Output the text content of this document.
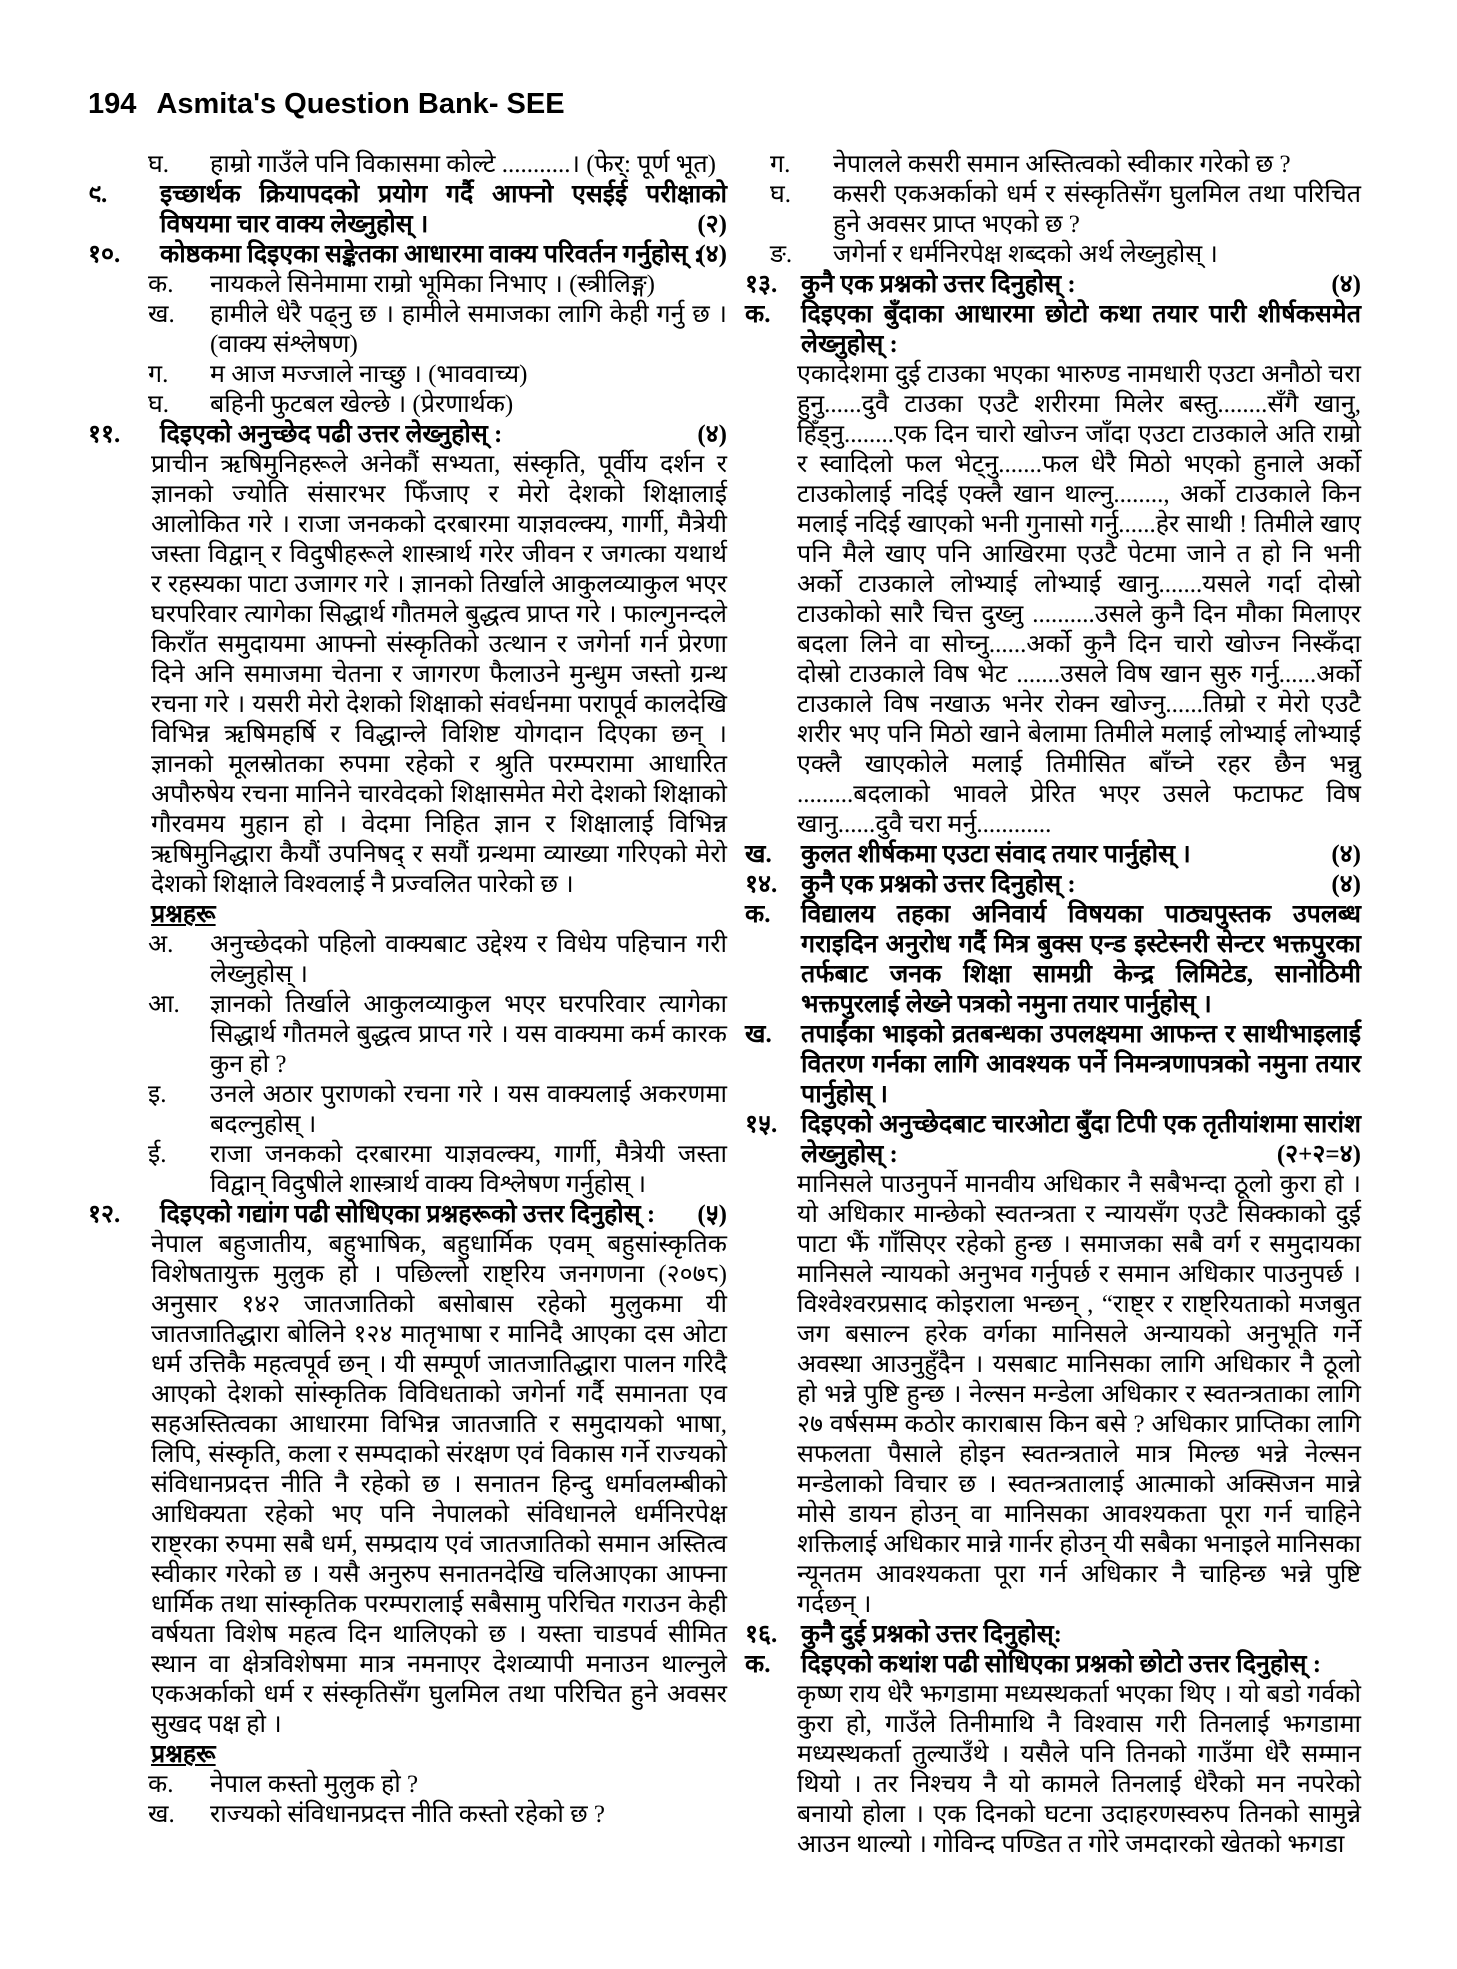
194 Asmita's Question Bank- SEE
घ. हाम्रो गाउँले पनि विकासमा कोल्टे ...........। (फेर्: पूर्ण भूत)
९. इच्छार्थक क्रियापदको प्रयोग गर्दै आफ्नो एसईई परीक्षाको विषयमा चार वाक्य लेख्नुहोस् ।	(२)
१०. कोष्ठकमा दिइएका सङ्केतका आधारमा वाक्य परिवर्तन गर्नुहोस् :
(४)
क. नायकले सिनेमामा राम्रो भूमिका निभाए । (स्त्रीलिङ्ग)
ख. हामीले धेरै पढ्नु छ । हामीले समाजका लागि केही गर्नु छ । (वाक्य संश्लेषण)
ग. म आज मज्जाले नाच्छु । (भाववाच्य)
घ. बहिनी फुटबल खेल्छे । (प्रेरणार्थक)
११. दिइएको अनुच्छेद पढी उत्तर लेख्नुहोस् :	(४)
प्राचीन ऋषिमुनिहरूले अनेकौं सभ्यता, संस्कृति, पूर्वीय दर्शन र ज्ञानको ज्योति संसारभर फिँजाए र मेरो देशको शिक्षालाई आलोकित गरे । राजा जनकको दरबारमा याज्ञवल्क्य, गार्गी, मैत्रेयी जस्ता विद्वान् र विदुषीहरूले शास्त्रार्थ गरेर जीवन र जगत्का यथार्थ र रहस्यका पाटा उजागर गरे । ज्ञानको तिर्खाले आकुलव्याकुल भएर घरपरिवार त्यागेका सिद्धार्थ गौतमले बुद्धत्व प्राप्त गरे । फाल्गुनन्दले किराँत समुदायमा आफ्नो संस्कृतिको उत्थान र जगेर्ना गर्न प्रेरणा दिने अनि समाजमा चेतना र जागरण फैलाउने मुन्धुम जस्तो ग्रन्थ रचना गरे । यसरी मेरो देशको शिक्षाको संवर्धनमा परापूर्व कालदेखि विभिन्न ऋषिमहर्षि र विद्धान्ले विशिष्ट योगदान दिएका छन् । ज्ञानको मूलस्रोतका रुपमा रहेको र श्रुति परम्परामा आधारित अपौरुषेय रचना मानिने चारवेदको शिक्षासमेत मेरो देशको शिक्षाको गौरवमय मुहान हो । वेदमा निहित ज्ञान र शिक्षालाई विभिन्न ऋषिमुनिद्धारा कैयौं उपनिषद् र सयौं ग्रन्थमा व्याख्या गरिएको मेरो देशको शिक्षाले विश्वलाई नै प्रज्वलित पारेको छ ।
प्रश्नहरू
अ. अनुच्छेदको पहिलो वाक्यबाट उद्देश्य र विधेय पहिचान गरी लेख्नुहोस् ।
आ. ज्ञानको तिर्खाले आकुलव्याकुल भएर घरपरिवार त्यागेका सिद्धार्थ गौतमले बुद्धत्व प्राप्त गरे । यस वाक्यमा कर्म कारक कुन हो ?
इ. उनले अठार पुराणको रचना गरे । यस वाक्यलाई अकरणमा बदल्नुहोस् ।
ई. राजा जनकको दरबारमा याज्ञवल्क्य, गार्गी, मैत्रेयी जस्ता विद्वान् विदुषीले शास्त्रार्थ वाक्य विश्लेषण गर्नुहोस् ।
१२. दिइएको गद्यांग पढी सोधिएका प्रश्नहरूको उत्तर दिनुहोस् : (५)
नेपाल बहुजातीय, बहुभाषिक, बहुधार्मिक एवम् बहुसांस्कृतिक विशेषतायुक्त मुलुक हो । पछिल्लो राष्ट्रिय जनगणना (२०७८) अनुसार १४२ जातजातिको बसोबास रहेको मुलुकमा यी जातजातिद्धारा बोलिने १२४ मातृभाषा र मानिदै आएका दस ओटा धर्म उत्तिकै महत्वपूर्व छन् । यी सम्पूर्ण जातजातिद्धारा पालन गरिदै आएको देशको सांस्कृतिक विविधताको जगेर्ना गर्दै समानता एव सहअस्तित्वका आधारमा विभिन्न जातजाति र समुदायको भाषा, लिपि, संस्कृति, कला र सम्पदाको संरक्षण एवं विकास गर्ने राज्यको संविधानप्रदत्त नीति नै रहेको छ । सनातन हिन्दु धर्मावलम्बीको आधिक्यता रहेको भए पनि नेपालको संविधानले धर्मनिरपेक्ष राष्ट्रका रुपमा सबै धर्म, सम्प्रदाय एवं जातजातिको समान अस्तित्व स्वीकार गरेको छ । यसै अनुरुप सनातनदेखि चलिआएका आफ्ना धार्मिक तथा सांस्कृतिक परम्परालाई सबैसामु परिचित गराउन केही वर्षयता विशेष महत्व दिन थालिएको छ । यस्ता चाडपर्व सीमित स्थान वा क्षेत्रविशेषमा मात्र नमनाएर देशव्यापी मनाउन थाल्नुले एकअर्काको धर्म र संस्कृतिसँग घुलमिल तथा परिचित हुने अवसर सुखद पक्ष हो ।
प्रश्नहरू
क. नेपाल कस्तो मुलुक हो ?
ख. राज्यको संविधानप्रदत्त नीति कस्तो रहेको छ ?
ग. नेपालले कसरी समान अस्तित्वको स्वीकार गरेको छ ?
घ. कसरी एकअर्काको धर्म र संस्कृतिसँग घुलमिल तथा परिचित हुने अवसर प्राप्त भएको छ ?
ङ. जगेर्ना र धर्मनिरपेक्ष शब्दको अर्थ लेख्नुहोस् ।
१३. कुनै एक प्रश्नको उत्तर दिनुहोस् :	(४)
क. दिइएका बुँदाका आधारमा छोटो कथा तयार पारी शीर्षकसमेत लेख्नुहोस् :
एकादेशमा दुई टाउका भएका भारुण्ड नामधारी एउटा अनौठो चरा हुनु......दुवै टाउका एउटै शरीरमा मिलेर बस्तु........सँगै खानु, हिँड्नु........एक दिन चारो खोज्न जाँदा एउटा टाउकाले अति राम्रो र स्वादिलो फल भेट्नु.......फल धेरै मिठो भएको हुनाले अर्को टाउकोलाई नदिई एक्लै खान थाल्नु........, अर्को टाउकाले किन मलाई नदिई खाएको भनी गुनासो गर्नु......हेर साथी ! तिमीले खाए पनि मैले खाए पनि आखिरमा एउटै पेटमा जाने त हो नि भनी अर्को टाउकाले लोभ्याई लोभ्याई खानु.......यसले गर्दा दोस्रो टाउकोको सारै चित्त दुख्नु ..........उसले कुनै दिन मौका मिलाएर बदला लिने वा सोच्नु......अर्को कुनै दिन चारो खोज्न निस्कँदा दोस्रो टाउकाले विष भेट .......उसले विष खान सुरु गर्नु......अर्को टाउकाले विष नखाऊ भनेर रोक्न खोज्नु......तिम्रो र मेरो एउटै शरीर भए पनि मिठो खाने बेलामा तिमीले मलाई लोभ्याई लोभ्याई एक्लै खाएकोले मलाई तिमीसित बाँच्ने रहर छैन भन्नु .........बदलाको भावले प्रेरित भएर उसले फटाफट विष खानु......दुवै चरा मर्नु............
ख. कुलत शीर्षकमा एउटा संवाद तयार पार्नुहोस् ।	(४)
१४. कुनै एक प्रश्नको उत्तर दिनुहोस् :	(४)
क. विद्यालय तहका अनिवार्य विषयका पाठ्यपुस्तक उपलब्ध गराइदिन अनुरोध गर्दै मित्र बुक्स एन्ड इस्टेस्नरी सेन्टर भक्तपुरका तर्फबाट जनक शिक्षा सामग्री केन्द्र लिमिटेड, सानोठिमी भक्तपुरलाई लेख्ने पत्रको नमुना तयार पार्नुहोस् ।
ख. तपाईंका भाइको व्रतबन्धका उपलक्ष्यमा आफन्त र साथीभाइलाई वितरण गर्नका लागि आवश्यक पर्ने निमन्त्रणापत्रको नमुना तयार पार्नुहोस् ।
१५. दिइएको अनुच्छेदबाट चारओटा बुँदा टिपी एक तृतीयांशमा सारांश लेख्नुहोस् :	(२+२=४)
मानिसले पाउनुपर्ने मानवीय अधिकार नै सबैभन्दा ठूलो कुरा हो । यो अधिकार मान्छेको स्वतन्त्रता र न्यायसँग एउटै सिक्काको दुई पाटा झैं गाँसिएर रहेको हुन्छ । समाजका सबै वर्ग र समुदायका मानिसले न्यायको अनुभव गर्नुपर्छ र समान अधिकार पाउनुपर्छ । विश्वेश्वरप्रसाद कोइराला भन्छन् , “राष्ट्र र राष्ट्रियताको मजबुत जग बसाल्न हरेक वर्गका मानिसले अन्यायको अनुभूति गर्ने अवस्था आउनुहुँदैन । यसबाट मानिसका लागि अधिकार नै ठूलो हो भन्ने पुष्टि हुन्छ । नेल्सन मन्डेला अधिकार र स्वतन्त्रताका लागि २७ वर्षसम्म कठोर काराबास किन बसे ? अधिकार प्राप्तिका लागि सफलता पैसाले होइन स्वतन्त्रताले मात्र मिल्छ भन्ने नेल्सन मन्डेलाको विचार छ । स्वतन्त्रतालाई आत्माको अक्सिजन मान्ने मोसे डायन होउन् वा मानिसका आवश्यकता पूरा गर्न चाहिने शक्तिलाई अधिकार मान्ने गार्नर होउन् यी सबैका भनाइले मानिसका न्यूनतम आवश्यकता पूरा गर्न अधिकार नै चाहिन्छ भन्ने पुष्टि गर्दछन् ।
१६. कुनै दुई प्रश्नको उत्तर दिनुहोस्:
क. दिइएको कथांश पढी सोधिएका प्रश्नको छोटो उत्तर दिनुहोस् :
कृष्ण राय धेरै झगडामा मध्यस्थकर्ता भएका थिए । यो बडो गर्वको कुरा हो, गाउँले तिनीमाथि नै विश्वास गरी तिनलाई झगडामा मध्यस्थकर्ता तुल्याउँथे । यसैले पनि तिनको गाउँमा धेरै सम्मान थियो । तर निश्चय नै यो कामले तिनलाई धेरैको मन नपरेको बनायो होला । एक दिनको घटना उदाहरणस्वरुप तिनको सामुन्ने आउन थाल्यो । गोविन्द पण्डित त गोरे जमदारको खेतको झगडा
